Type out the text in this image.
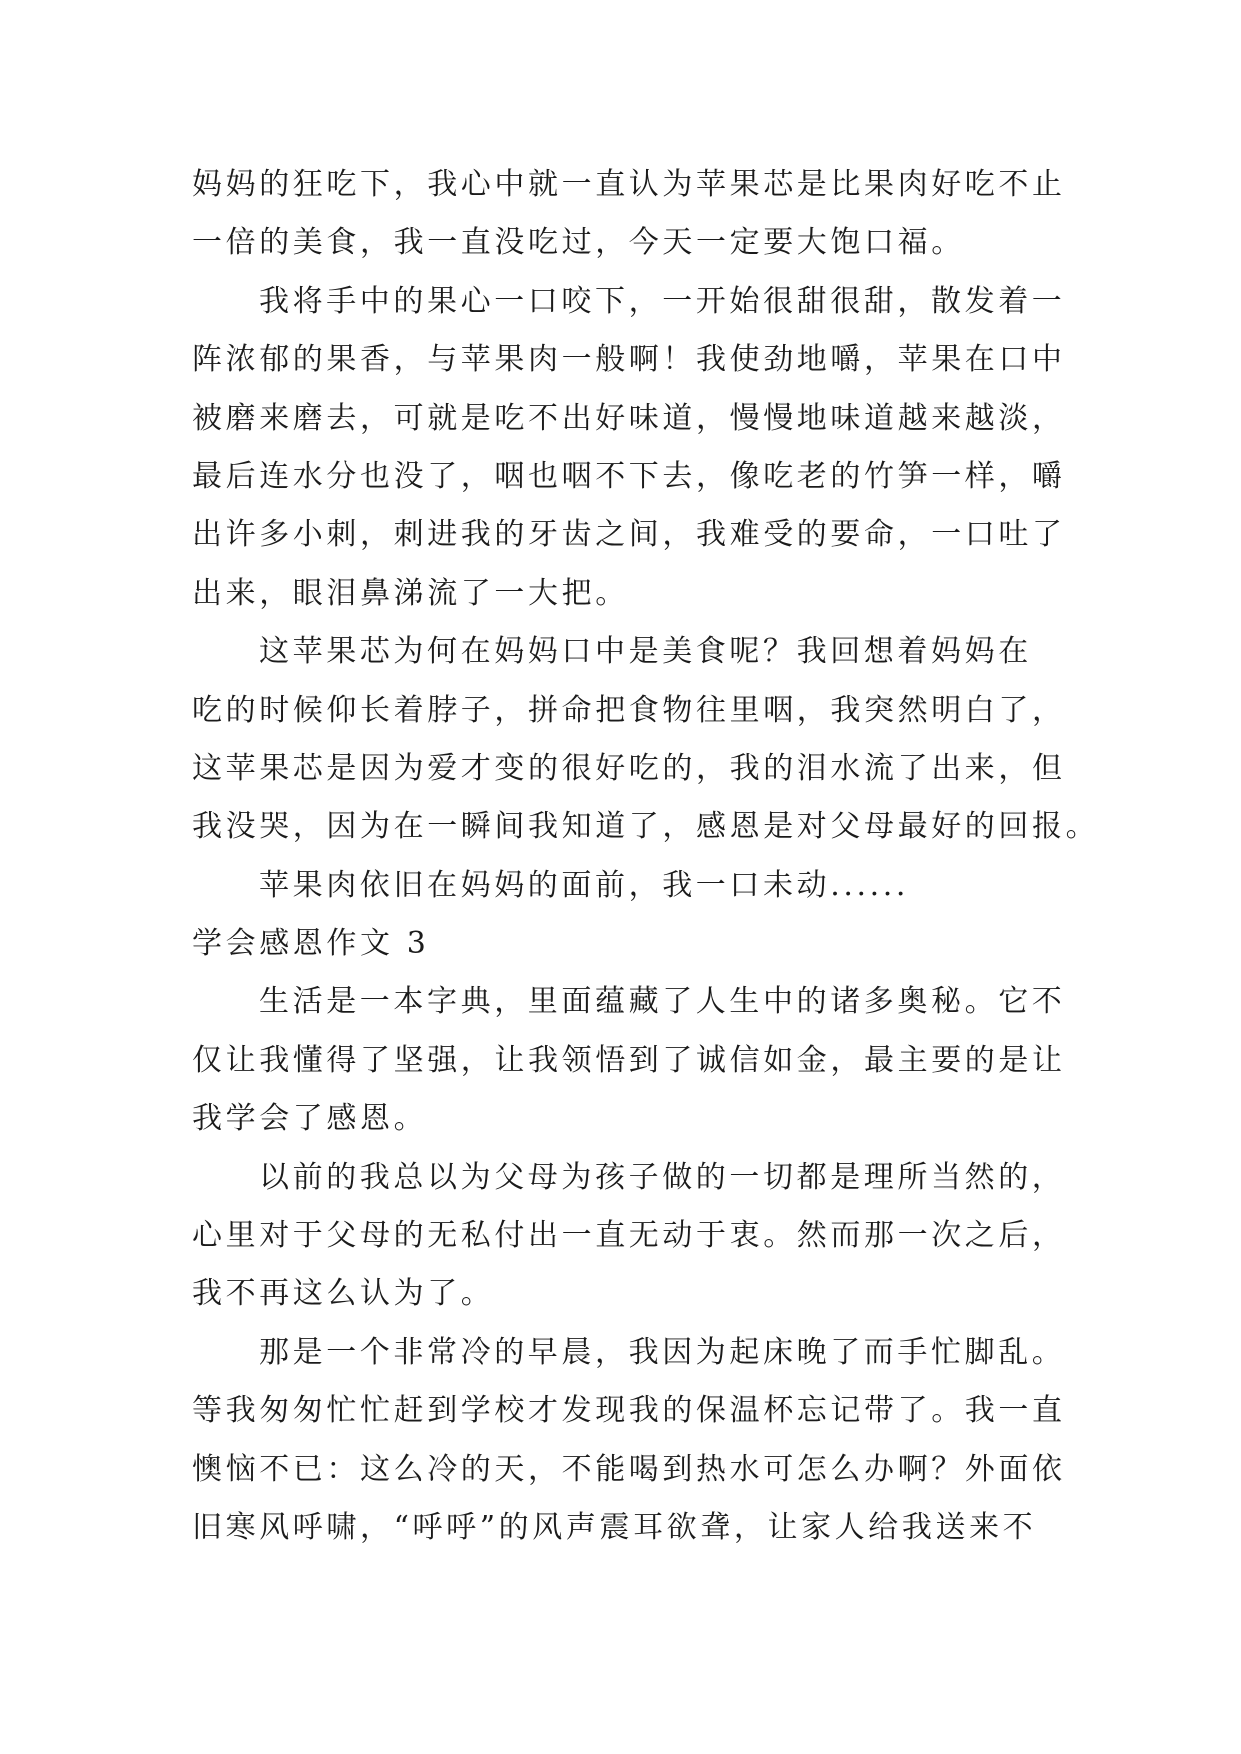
妈妈的狂吃下，我心中就一直认为苹果芯是比果肉好吃不止
一倍的美食，我一直没吃过，今天一定要大饱口福。
我将手中的果心一口咬下，一开始很甜很甜，散发着一
阵浓郁的果香，与苹果肉一般啊！我使劲地嚼，苹果在口中
被磨来磨去，可就是吃不出好味道，慢慢地味道越来越淡，
最后连水分也没了，咽也咽不下去，像吃老的竹笋一样，嚼
出许多小刺，刺进我的牙齿之间，我难受的要命，一口吐了
出来，眼泪鼻涕流了一大把。
这苹果芯为何在妈妈口中是美食呢？我回想着妈妈在
吃的时候仰长着脖子，拼命把食物往里咽，我突然明白了，
这苹果芯是因为爱才变的很好吃的，我的泪水流了出来，但
我没哭，因为在一瞬间我知道了，感恩是对父母最好的回报。
苹果肉依旧在妈妈的面前，我一口未动......
学会感恩作文 3
生活是一本字典，里面蕴藏了人生中的诸多奥秘。它不
仅让我懂得了坚强，让我领悟到了诚信如金，最主要的是让
我学会了感恩。
以前的我总以为父母为孩子做的一切都是理所当然的，
心里对于父母的无私付出一直无动于衷。然而那一次之后，
我不再这么认为了。
那是一个非常冷的早晨，我因为起床晚了而手忙脚乱。
等我匆匆忙忙赶到学校才发现我的保温杯忘记带了。我一直
懊恼不已：这么冷的天，不能喝到热水可怎么办啊？外面依
旧寒风呼啸，“呼呼”的风声震耳欲聋，让家人给我送来不
